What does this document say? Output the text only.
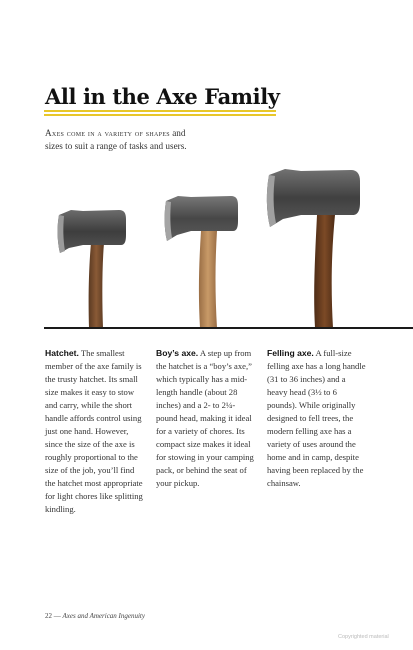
All in the Axe Family

Axes come in a variety of shapes and sizes to suit a range of tasks and users.

Hatchet. The smallest member of the axe family is the trusty hatchet. Its small size makes it easy to stow and carry, while the short handle affords control using just one hand. However, since the size of the axe is roughly proportional to the size of the job, you’ll find the hatchet most appropriate for light chores like splitting kindling.

Boy’s axe. A step up from the hatchet is a “boy’s axe,” which typically has a mid-length handle (about 28 inches) and a 2- to 2¼-pound head, making it ideal for a variety of chores. Its compact size makes it ideal for stowing in your camping pack, or behind the seat of your pickup.

Felling axe. A full-size felling axe has a long handle (31 to 36 inches) and a heavy head (3½ to 6 pounds). While originally designed to fell trees, the modern felling axe has a variety of uses around the home and in camp, despite having been replaced by the chainsaw.

22 — Axes and American Ingenuity
Copyrighted material
